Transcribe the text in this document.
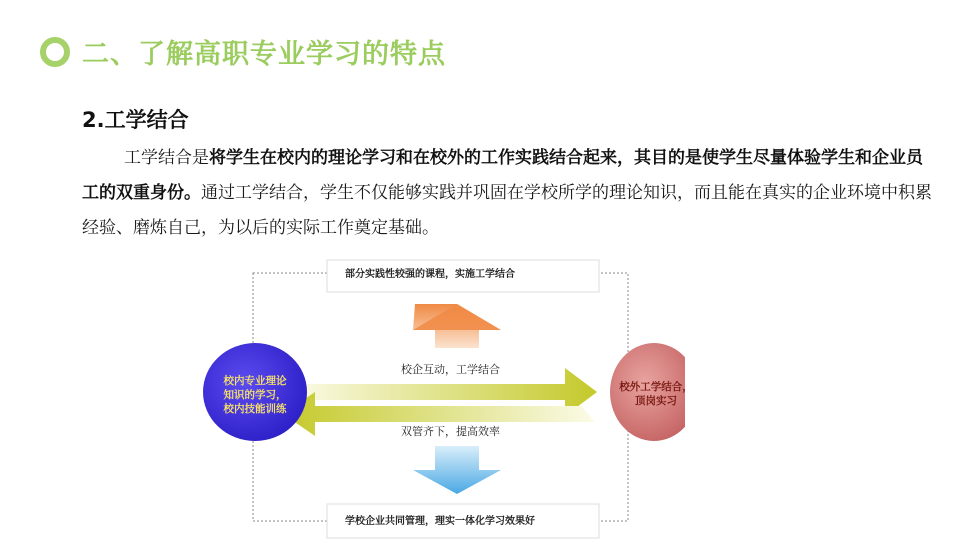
二、了解高职专业学习的特点
2.工学结合
工学结合是将学生在校内的理论学习和在校外的工作实践结合起来，其目的是使学生尽量体验学生和企业员工的双重身份。通过工学结合，学生不仅能够实践并巩固在学校所学的理论知识，而且能在真实的企业环境中积累经验、磨炼自己，为以后的实际工作奠定基础。
部分实践性较强的课程，实施工学结合
学校企业共同管理，理实一体化学习效果好
校企互动，工学结合
双管齐下，提高效率
校内专业理论
知识的学习，
校内技能训练
校外工学结合，
顶岗实习
